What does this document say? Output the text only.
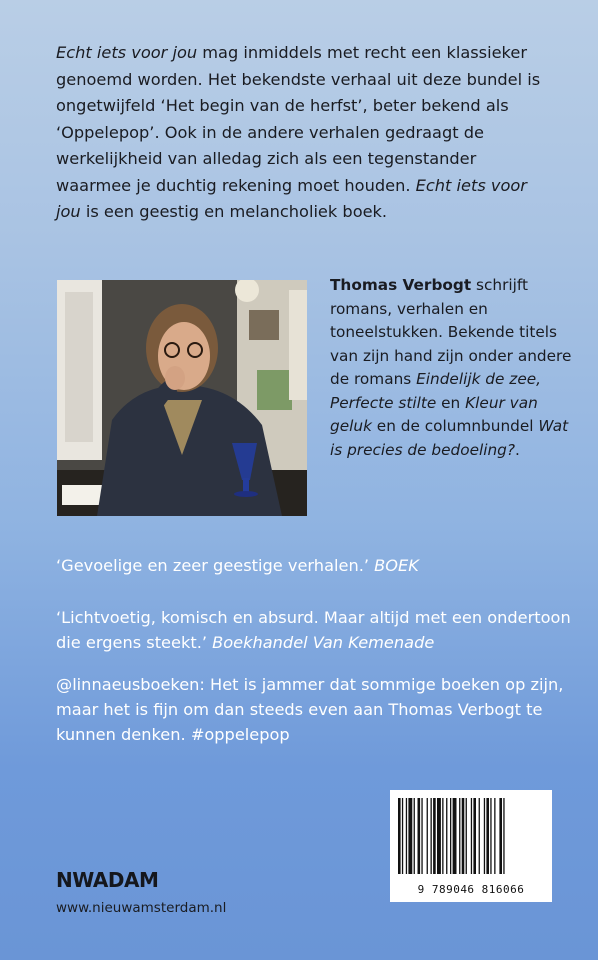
Echt iets voor jou mag inmiddels met recht een klassieker genoemd worden. Het bekendste verhaal uit deze bundel is ongetwijfeld ‘Het begin van de herfst’, beter bekend als ‘Oppelepop’. Ook in de andere verhalen gedraagt de werkelijkheid van alledag zich als een tegenstander waarmee je duchtig rekening moet houden. Echt iets voor jou is een geestig en melancholiek boek.

Thomas Verbogt schrijft romans, verhalen en toneelstukken. Bekende titels van zijn hand zijn onder andere de romans Eindelijk de zee, Perfecte stilte en Kleur van geluk en de columnbundel Wat is precies de bedoeling?.

‘Gevoelige en zeer geestige verhalen.’ BOEK

‘Lichtvoetig, komisch en absurd. Maar altijd met een ondertoon die ergens steekt.’ Boekhandel Van Kemenade

@linnaeusboeken: Het is jammer dat sommige boeken op zijn, maar het is fijn om dan steeds even aan Thomas Verbogt te kunnen denken. #oppelepop

9 789046 816066
NWADAM
www.nieuwamsterdam.nl
